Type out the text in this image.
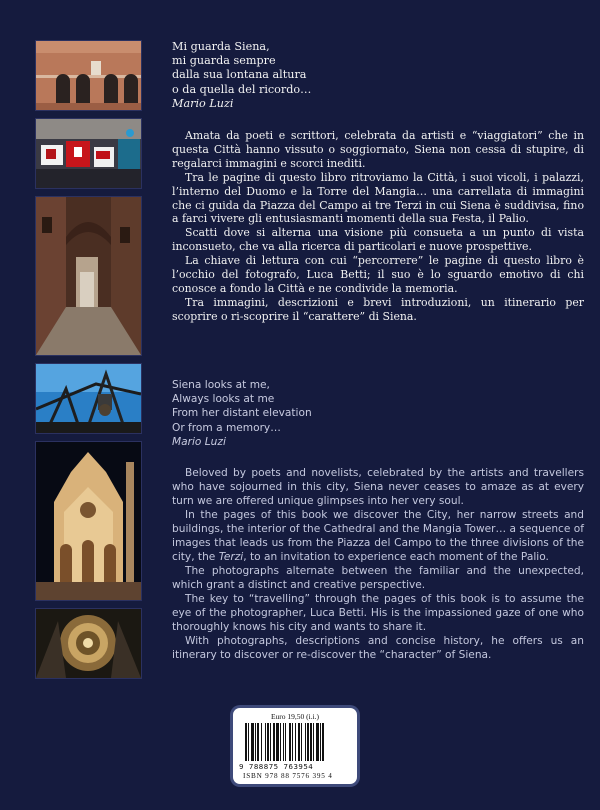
Mi guarda Siena,
mi guarda sempre
dalla sua lontana altura
o da quella del ricordo…
Mario Luzi

Amata da poeti e scrittori, celebrata da artisti e “viaggiatori” che in questa Città hanno vissuto o soggiornato, Siena non cessa di stupire, di regalarci immagini e scorci inediti.

Tra le pagine di questo libro ritroviamo la Città, i suoi vicoli, i palazzi, l’interno del Duomo e la Torre del Mangia… una carrellata di immagini che ci guida da Piazza del Campo ai tre Terzi in cui Siena è suddivisa, fino a farci vivere gli entusiasmanti momenti della sua Festa, il Palio.

Scatti dove si alterna una visione più consueta a un punto di vista inconsueto, che va alla ricerca di particolari e nuove prospettive.

La chiave di lettura con cui “percorrere” le pagine di questo libro è l’occhio del fotografo, Luca Betti; il suo è lo sguardo emotivo di chi conosce a fondo la Città e ne condivide la memoria.

Tra immagini, descrizioni e brevi introduzioni, un itinerario per scoprire o ri-scoprire il “carattere” di Siena.

Siena looks at me,
Always looks at me
From her distant elevation
Or from a memory…
Mario Luzi

Beloved by poets and novelists, celebrated by the artists and travellers who have sojourned in this city, Siena never ceases to amaze as at every turn we are offered unique glimpses into her very soul.

In the pages of this book we discover the City, her narrow streets and buildings, the interior of the Cathedral and the Mangia Tower… a sequence of images that leads us from the Piazza del Campo to the three divisions of the city, the Terzi, to an invitation to experience each moment of the Palio.

The photographs alternate between the familiar and the unexpected, which grant a distinct and creative perspective.

The key to “travelling” through the pages of this book is to assume the eye of the photographer, Luca Betti. His is the impassioned gaze of one who thoroughly knows his city and wants to share it.

With photographs, descriptions and concise history, he offers us an itinerary to discover or re-discover the “character” of Siena.

Euro 19,50 (i.i.)
9 788875 763954
ISBN 978 88 7576 395 4
